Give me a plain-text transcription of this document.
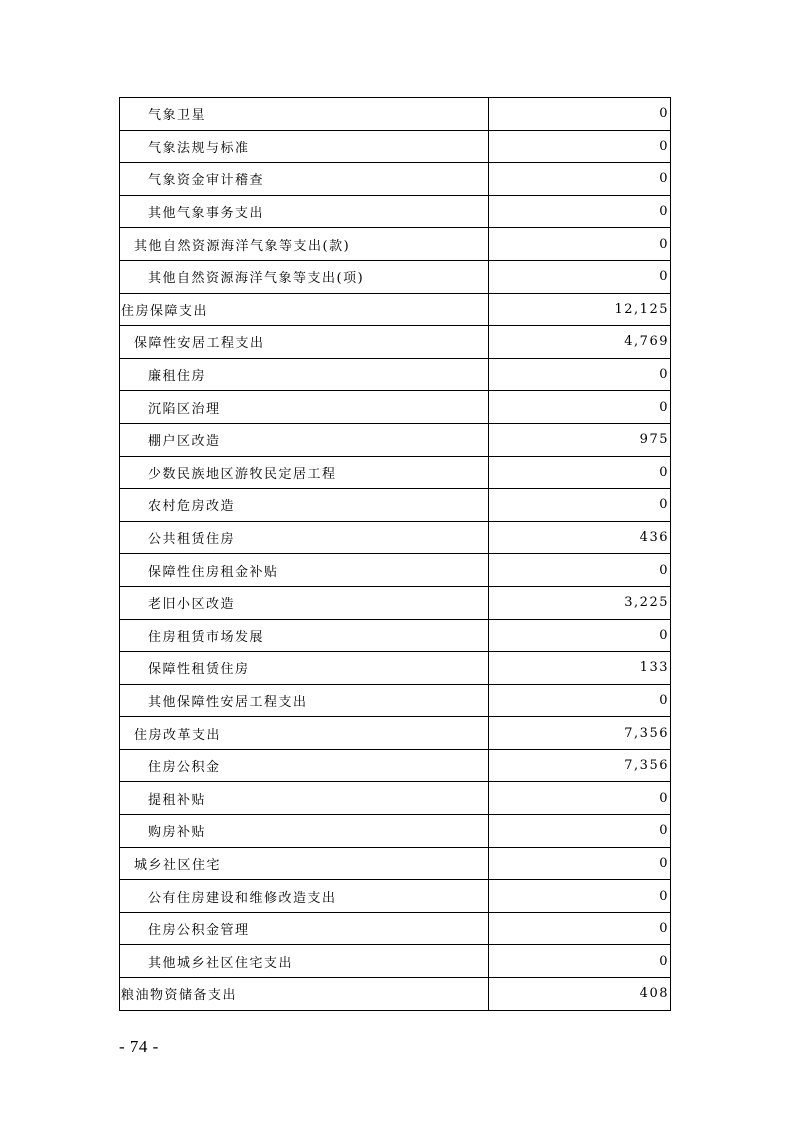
气象卫星	0
气象法规与标准	0
气象资金审计稽查	0
其他气象事务支出	0
其他自然资源海洋气象等支出(款)	0
其他自然资源海洋气象等支出(项)	0
住房保障支出	12,125
保障性安居工程支出	4,769
廉租住房	0
沉陷区治理	0
棚户区改造	975
少数民族地区游牧民定居工程	0
农村危房改造	0
公共租赁住房	436
保障性住房租金补贴	0
老旧小区改造	3,225
住房租赁市场发展	0
保障性租赁住房	133
其他保障性安居工程支出	0
住房改革支出	7,356
住房公积金	7,356
提租补贴	0
购房补贴	0
城乡社区住宅	0
公有住房建设和维修改造支出	0
住房公积金管理	0
其他城乡社区住宅支出	0
粮油物资储备支出	408
- 74 -
